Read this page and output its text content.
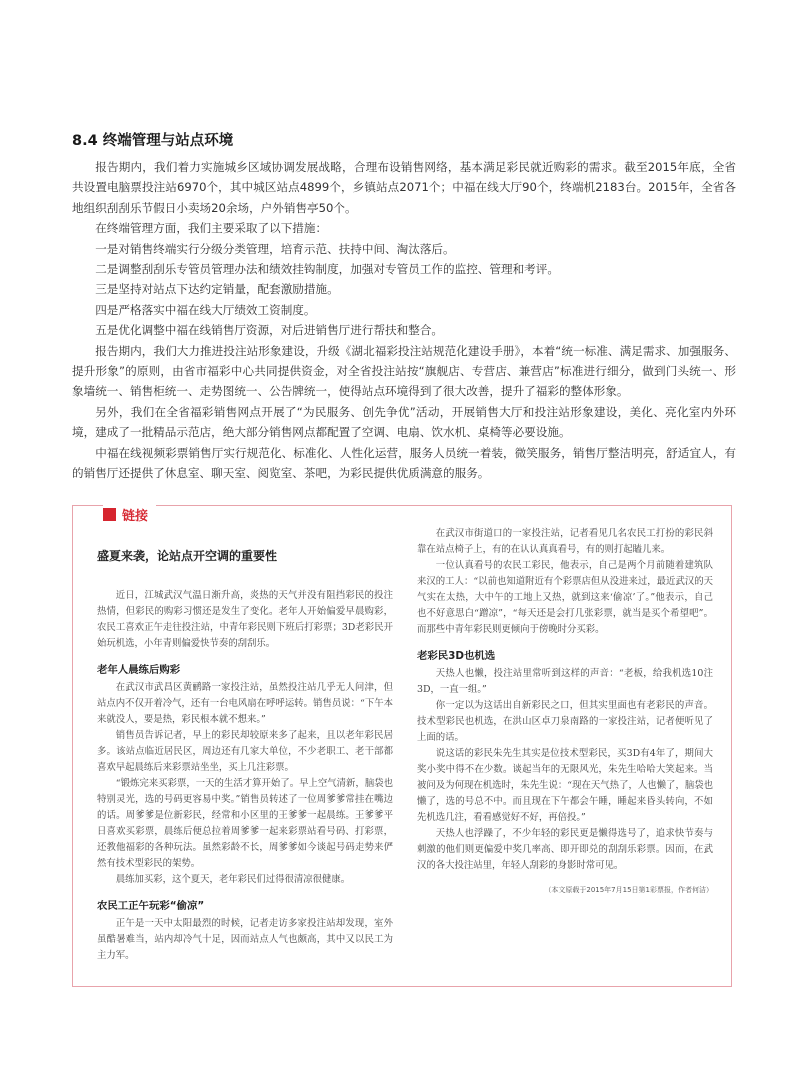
8.4 终端管理与站点环境

报告期内，我们着力实施城乡区域协调发展战略，合理布设销售网络，基本满足彩民就近购彩的需求。截至2015年底，全省共设置电脑票投注站6970个，其中城区站点4899个，乡镇站点2071个；中福在线大厅90个，终端机2183台。2015年，全省各地组织刮刮乐节假日小卖场20余场，户外销售亭50个。

在终端管理方面，我们主要采取了以下措施：

一是对销售终端实行分级分类管理，培育示范、扶持中间、淘汰落后。

二是调整刮刮乐专管员管理办法和绩效挂钩制度，加强对专管员工作的监控、管理和考评。

三是坚持对站点下达约定销量，配套激励措施。

四是严格落实中福在线大厅绩效工资制度。

五是优化调整中福在线销售厅资源，对后进销售厅进行帮扶和整合。

报告期内，我们大力推进投注站形象建设，升级《湖北福彩投注站规范化建设手册》，本着“统一标准、满足需求、加强服务、提升形象”的原则，由省市福彩中心共同提供资金，对全省投注站按“旗舰店、专营店、兼营店”标准进行细分，做到门头统一、形象墙统一、销售柜统一、走势图统一、公告牌统一，使得站点环境得到了很大改善，提升了福彩的整体形象。

另外，我们在全省福彩销售网点开展了“为民服务、创先争优”活动，开展销售大厅和投注站形象建设，美化、亮化室内外环境，建成了一批精品示范店，绝大部分销售网点都配置了空调、电扇、饮水机、桌椅等必要设施。

中福在线视频彩票销售厅实行规范化、标准化、人性化运营，服务人员统一着装，微笑服务，销售厅整洁明亮，舒适宜人，有的销售厅还提供了休息室、聊天室、阅览室、茶吧，为彩民提供优质满意的服务。

链接
盛夏来袭，论站点开空调的重要性

近日，江城武汉气温日渐升高，炎热的天气并没有阻挡彩民的投注热情，但彩民的购彩习惯还是发生了变化。老年人开始偏爱早晨购彩，农民工喜欢正午走往投注站，中青年彩民则下班后打彩票；3D老彩民开始玩机选，小年青则偏爱快节奏的刮刮乐。

老年人晨练后购彩

在武汉市武昌区黄鹂路一家投注站，虽然投注站几乎无人问津，但站点内不仅开着冷气，还有一台电风扇在呼呼运转。销售员说：“下午本来就没人，要是热，彩民根本就不想来。”

销售员告诉记者，早上的彩民却较原来多了起来，且以老年彩民居多。该站点临近居民区，周边还有几家大单位，不少老职工、老干部都喜欢早起晨练后来彩票站坐坐，买上几注彩票。

“锻炼完来买彩票，一天的生活才算开始了。早上空气清新，脑袋也特别灵光，选的号码更容易中奖。”销售员转述了一位周爹爹常挂在嘴边的话。周爹爹是位新彩民，经常和小区里的王爹爹一起晨练。王爹爹平日喜欢买彩票，晨练后便总拉着周爹爹一起来彩票站看号码、打彩票，还教他福彩的各种玩法。虽然彩龄不长，周爹爹如今谈起号码走势来俨然有技术型彩民的架势。

晨练加买彩，这个夏天，老年彩民们过得很清凉很健康。

农民工正午玩彩“偷凉”

正午是一天中太阳最烈的时候，记者走访多家投注站却发现，室外虽酷暑难当，站内却冷气十足，因而站点人气也颇高，其中又以民工为主力军。

在武汉市街道口的一家投注站，记者看见几名农民工打扮的彩民斜靠在站点椅子上，有的在认认真真看号，有的则打起瞌儿来。

一位认真看号的农民工彩民，他表示，自己是两个月前随着建筑队来汉的工人：“以前也知道附近有个彩票店但从没进来过，最近武汉的天气实在太热，大中午的工地上又热，就到这来‘偷凉’了。”他表示，自己也不好意思白“蹭凉”，“每天还是会打几张彩票，就当是买个希望吧”。而那些中青年彩民则更倾向于傍晚时分买彩。

老彩民3D也机选

天热人也懒，投注站里常听到这样的声音：“老板，给我机选10注3D，一直一组。”

你一定以为这话出自新彩民之口，但其实里面也有老彩民的声音。技术型彩民也机选，在洪山区卓刀泉南路的一家投注站，记者便听见了上面的话。

说这话的彩民朱先生其实是位技术型彩民，买3D有4年了，期间大奖小奖中得不在少数。谈起当年的无限风光，朱先生哈哈大笑起来。当被问及为何现在机选时，朱先生说：“现在天气热了，人也懒了，脑袋也懒了，选的号总不中。而且现在下午都会午睡，睡起来昏头转向，不如先机选几注，看看感觉好不好，再倍投。”

天热人也浮躁了，不少年轻的彩民更是懒得选号了，追求快节奏与刺激的他们则更偏爱中奖几率高、即开即兑的刮刮乐彩票。因而，在武汉的各大投注站里，年轻人刮彩的身影时常可见。

（本文原载于2015年7月15日第1彩票报，作者何洁）
